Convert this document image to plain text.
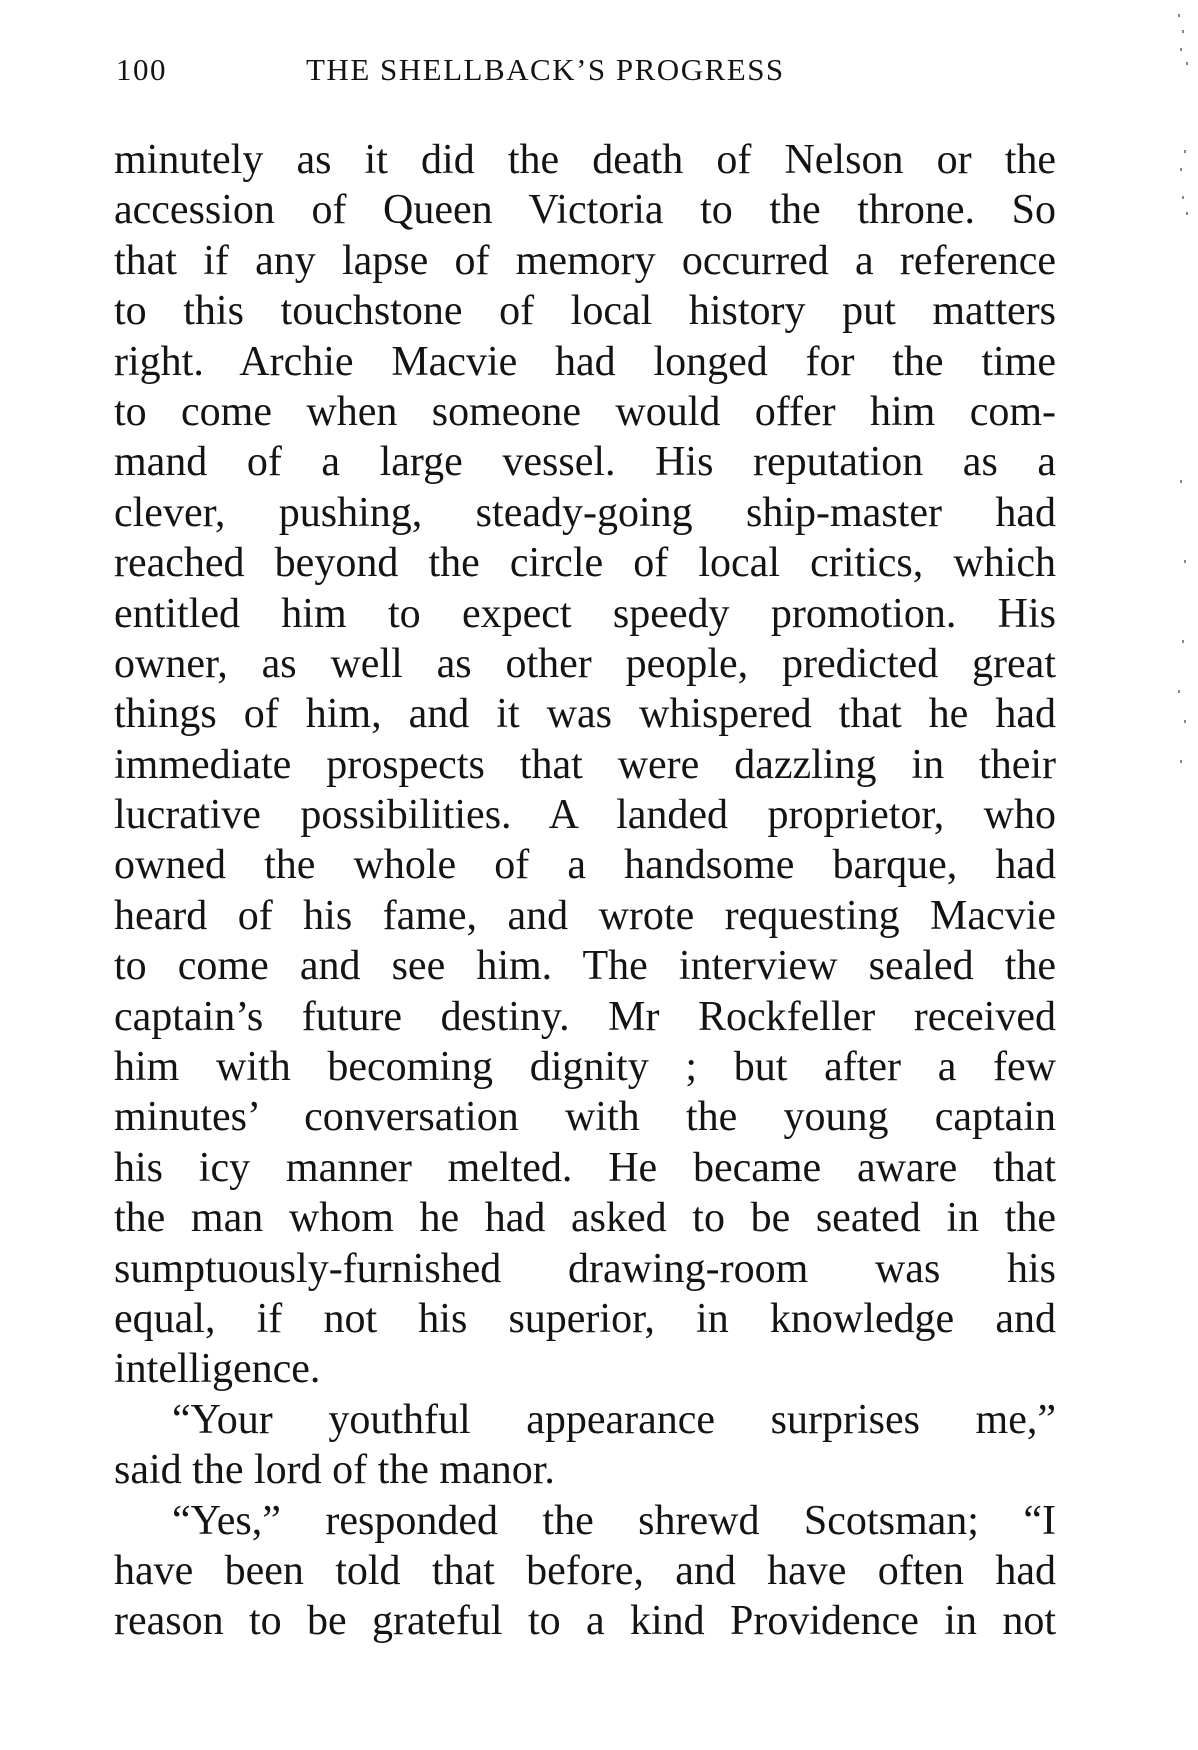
100	THE SHELLBACK’S PROGRESS
minutely as it did the death of Nelson or the
accession of Queen Victoria to the throne. So
that if any lapse of memory occurred a reference
to this touchstone of local history put matters
right. Archie Macvie had longed for the time
to come when someone would offer him com-
mand of a large vessel. His reputation as a
clever, pushing, steady-going ship-master had
reached beyond the circle of local critics, which
entitled him to expect speedy promotion. His
owner, as well as other people, predicted great
things of him, and it was whispered that he had
immediate prospects that were dazzling in their
lucrative possibilities. A landed proprietor, who
owned the whole of a handsome barque, had
heard of his fame, and wrote requesting Macvie
to come and see him. The interview sealed the
captain’s future destiny. Mr Rockfeller received
him with becoming dignity ; but after a few
minutes’ conversation with the young captain
his icy manner melted. He became aware that
the man whom he had asked to be seated in the
sumptuously-furnished drawing-room was his
equal, if not his superior, in knowledge and
intelligence.
“Your youthful appearance surprises me,”
said the lord of the manor.
“Yes,” responded the shrewd Scotsman; “I
have been told that before, and have often had
reason to be grateful to a kind Providence in not
